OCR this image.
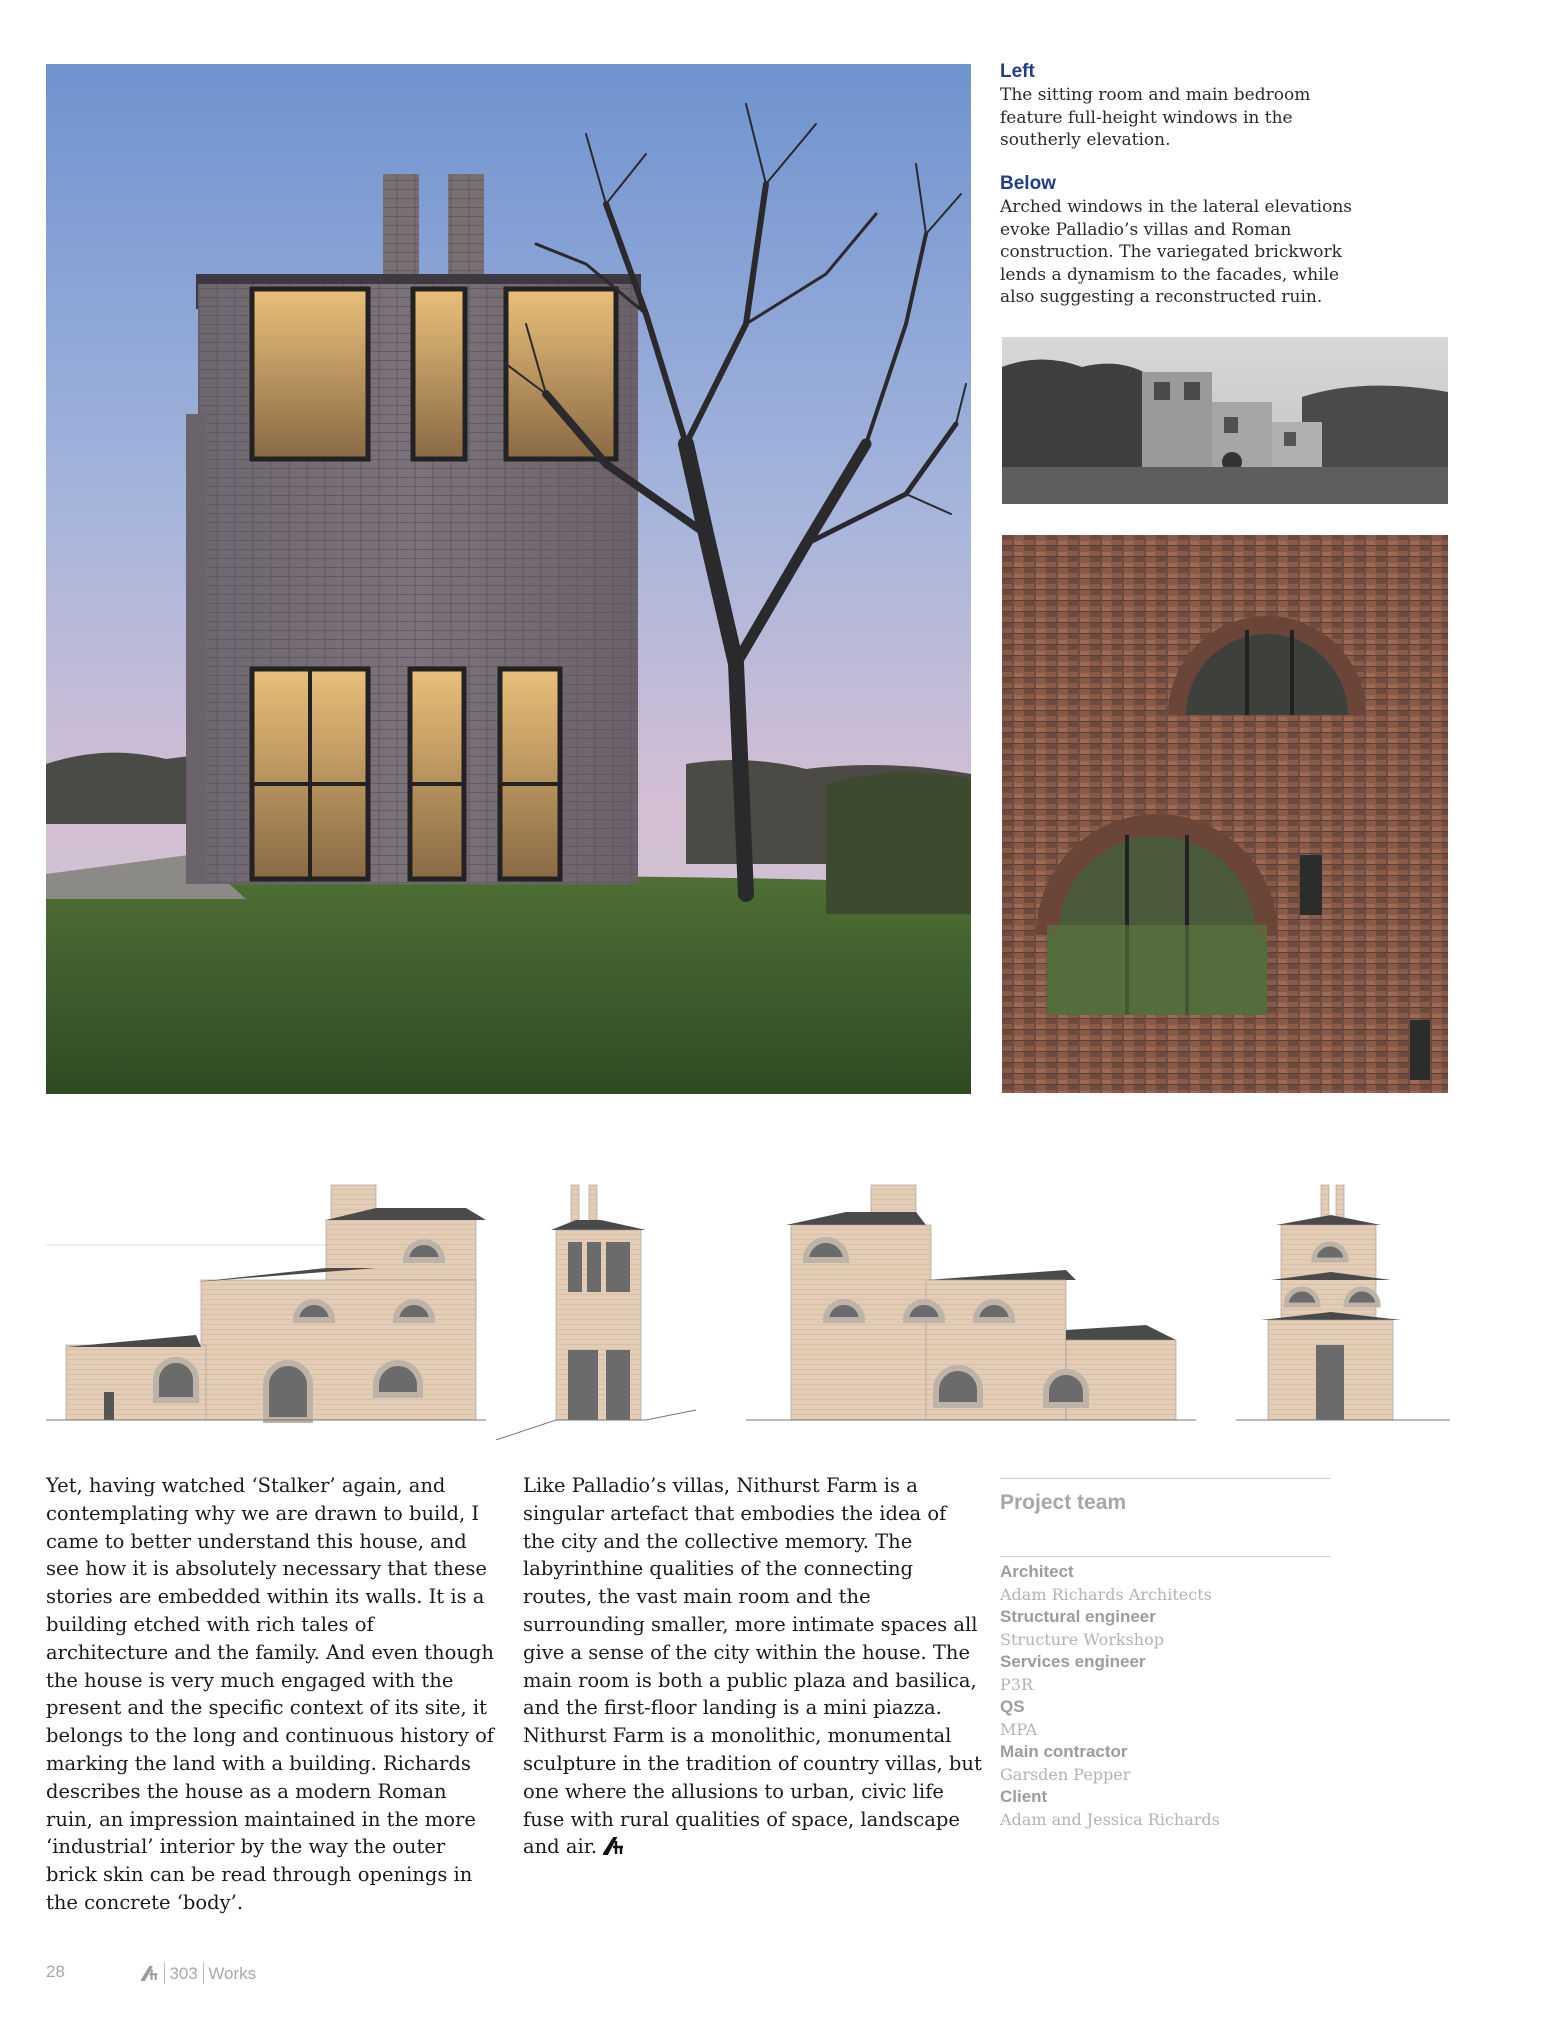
Left

The sitting room and main bedroom feature full-height windows in the southerly elevation.

Below

Arched windows in the lateral elevations evoke Palladio’s villas and Roman construction. The variegated brickwork lends a dynamism to the facades, while also suggesting a reconstructed ruin.

Yet, having watched ‘Stalker’ again, and contemplating why we are drawn to build, I came to better understand this house, and see how it is absolutely necessary that these stories are embedded within its walls. It is a building etched with rich tales of architecture and the family. And even though the house is very much engaged with the present and the specific context of its site, it belongs to the long and continuous history of marking the land with a building. Richards describes the house as a modern Roman ruin, an impression maintained in the more ‘industrial’ interior by the way the outer brick skin can be read through openings in the concrete ‘body’.

Like Palladio’s villas, Nithurst Farm is a singular artefact that embodies the idea of the city and the collective memory. The labyrinthine qualities of the connecting routes, the vast main room and the surrounding smaller, more intimate spaces all give a sense of the city within the house. The main room is both a public plaza and basilica, and the first-floor landing is a mini piazza. Nithurst Farm is a monolithic, monumental sculpture in the tradition of country villas, but one where the allusions to urban, civic life fuse with rural qualities of space, landscape and air.

Project team
Architect
Adam Richards Architects
Structural engineer
Structure Workshop
Services engineer
P3R
QS
MPA
Main contractor
Garsden Pepper
Client
Adam and Jessica Richards
28	303 Works
